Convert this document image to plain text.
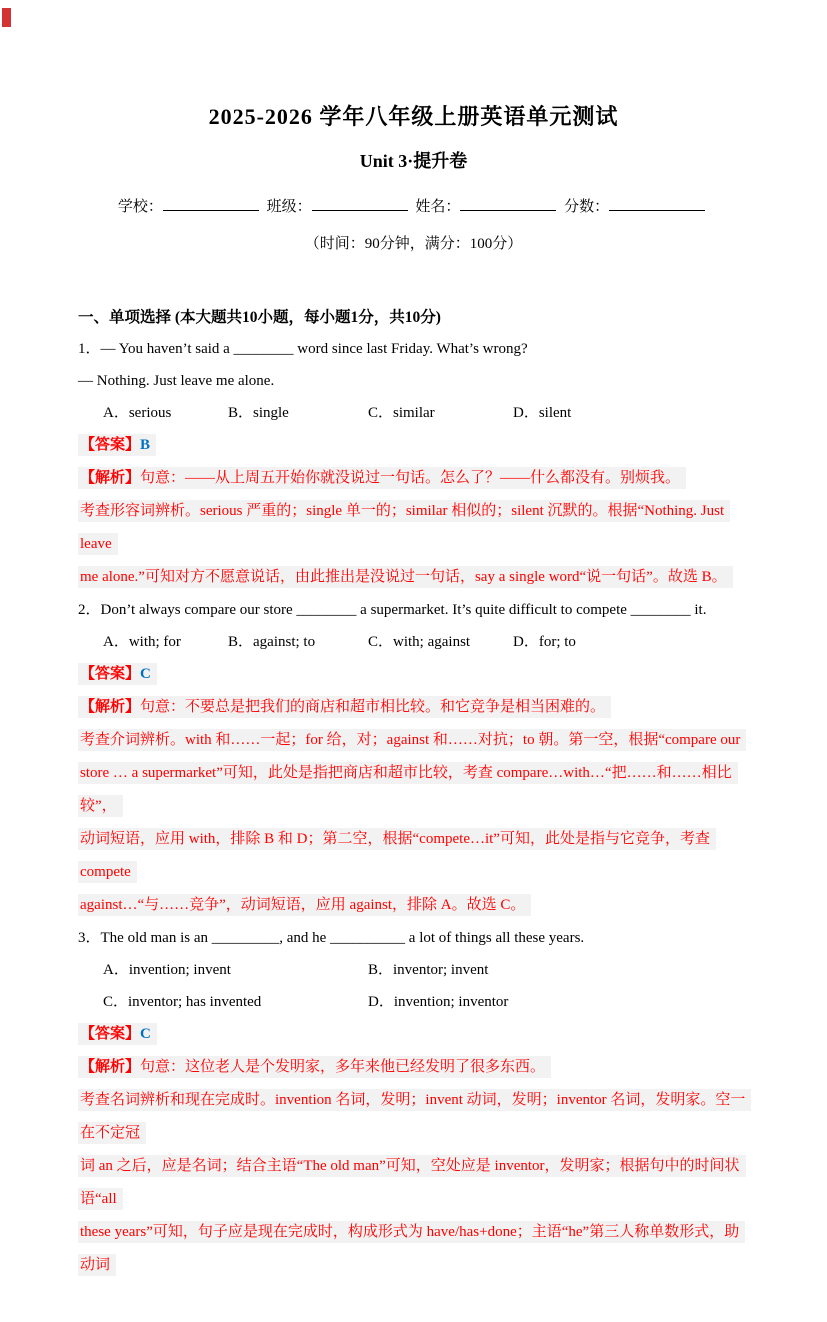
2025-2026 学年八年级上册英语单元测试
Unit 3·提升卷
学校：	班级：	姓名：	分数：
（时间：90分钟，满分：100分）
一、单项选择 (本大题共10小题，每小题1分，共10分)
1．— You haven’t said a ________ word since last Friday. What’s wrong?
— Nothing. Just leave me alone.
A．serious	B．single	C．similar	D．silent
【答案】B
【解析】句意：——从上周五开始你就没说过一句话。怎么了？——什么都没有。别烦我。
考查形容词辨析。serious 严重的；single 单一的；similar 相似的；silent 沉默的。根据“Nothing. Just leave
me alone.”可知对方不愿意说话，由此推出是没说过一句话，say a single word“说一句话”。故选 B。
2．Don’t always compare our store ________ a supermarket. It’s quite difficult to compete ________ it.
A．with; for	B．against; to	C．with; against	D．for; to
【答案】C
【解析】句意：不要总是把我们的商店和超市相比较。和它竞争是相当困难的。
考查介词辨析。with 和……一起；for 给，对；against 和……对抗；to 朝。第一空，根据“compare our
store … a supermarket”可知，此处是指把商店和超市比较，考查 compare…with…“把……和……相比较”，
动词短语，应用 with，排除 B 和 D；第二空，根据“compete…it”可知，此处是指与它竞争，考查 compete
against…“与……竞争”，动词短语，应用 against，排除 A。故选 C。
3．The old man is an _________, and he __________ a lot of things all these years.
A．invention; invent	B．inventor; invent
C．inventor; has invented	D．invention; inventor
【答案】C
【解析】句意：这位老人是个发明家，多年来他已经发明了很多东西。
考查名词辨析和现在完成时。invention 名词，发明；invent 动词，发明；inventor 名词，发明家。空一在不定冠
词 an 之后，应是名词；结合主语“The old man”可知，空处应是 inventor，发明家；根据句中的时间状语“all
these years”可知，句子应是现在完成时，构成形式为 have/has+done；主语“he”第三人称单数形式，助动词
